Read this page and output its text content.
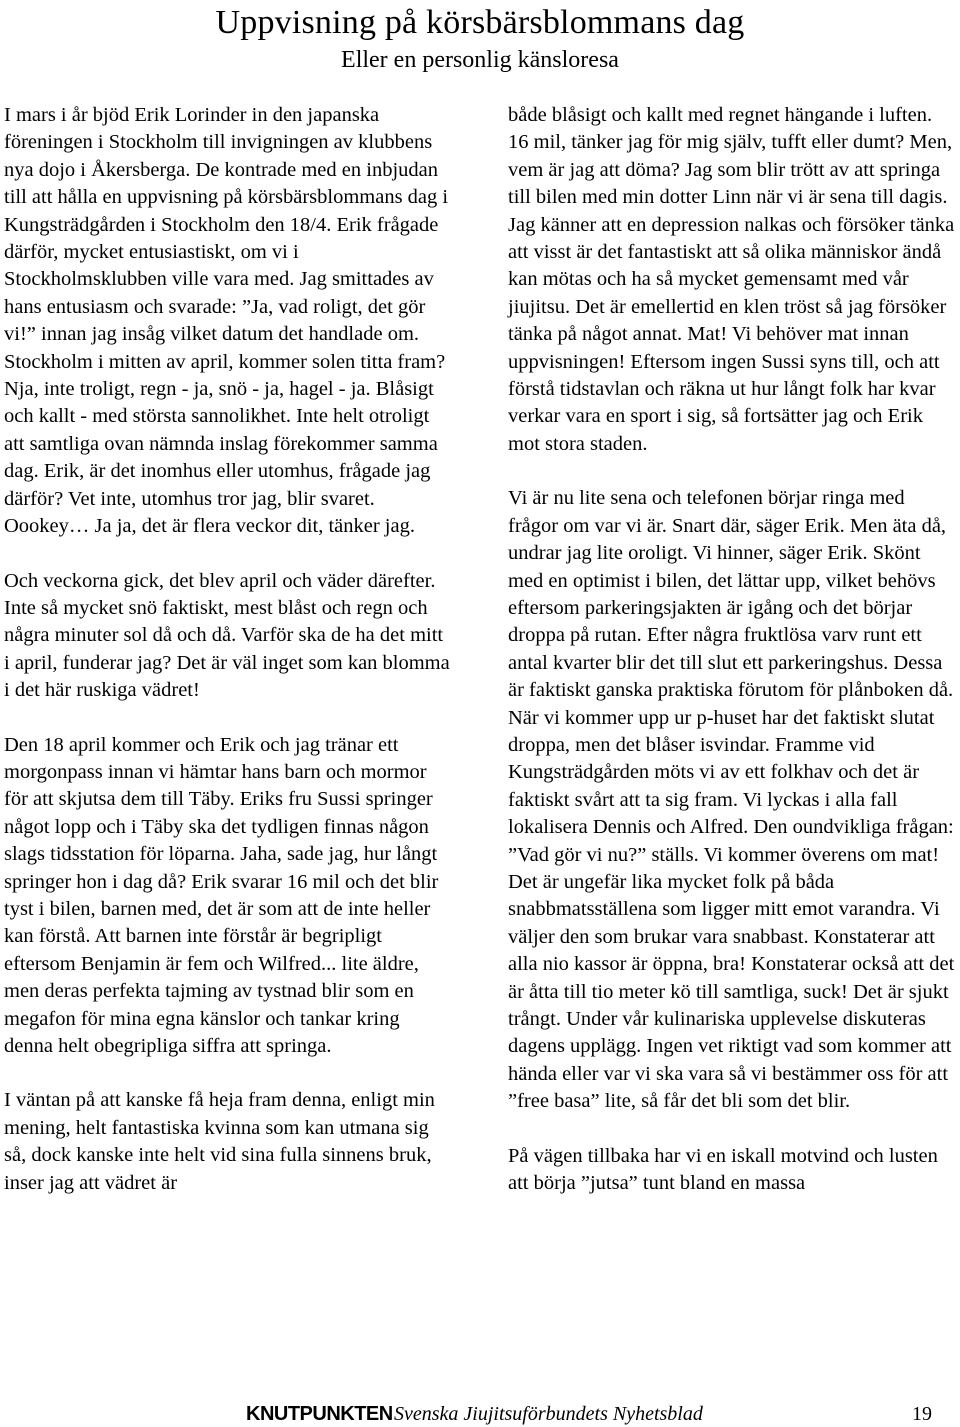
Uppvisning på körsbärsblommans dag
Eller en personlig känsloresa

I mars i år bjöd Erik Lorinder in den japanska föreningen i Stockholm till invigningen av klubbens nya dojo i Åkersberga. De kontrade med en inbjudan till att hålla en uppvisning på körsbärsblommans dag i Kungsträdgården i Stockholm den 18/4. Erik frågade därför, mycket entusiastiskt, om vi i Stockholmsklubben ville vara med. Jag smittades av hans entusiasm och svarade: ”Ja, vad roligt, det gör vi!” innan jag insåg vilket datum det handlade om. Stockholm i mitten av april, kommer solen titta fram? Nja, inte troligt, regn - ja, snö - ja, hagel - ja. Blåsigt och kallt - med största sannolikhet. Inte helt otroligt att samtliga ovan nämnda inslag förekommer samma dag. Erik, är det inomhus eller utomhus, frågade jag därför? Vet inte, utomhus tror jag, blir svaret. Oookey… Ja ja, det är flera veckor dit, tänker jag.

Och veckorna gick, det blev april och väder därefter. Inte så mycket snö faktiskt, mest blåst och regn och några minuter sol då och då. Varför ska de ha det mitt i april, funderar jag? Det är väl inget som kan blomma i det här ruskiga vädret!

Den 18 april kommer och Erik och jag tränar ett morgonpass innan vi hämtar hans barn och mormor för att skjutsa dem till Täby. Eriks fru Sussi springer något lopp och i Täby ska det tydligen finnas någon slags tidsstation för löparna. Jaha, sade jag, hur långt springer hon i dag då? Erik svarar 16 mil och det blir tyst i bilen, barnen med, det är som att de inte heller kan förstå. Att barnen inte förstår är begripligt eftersom Benjamin är fem och Wilfred... lite äldre, men deras perfekta tajming av tystnad blir som en megafon för mina egna känslor och tankar kring denna helt obegripliga siffra att springa.

I väntan på att kanske få heja fram denna, enligt min mening, helt fantastiska kvinna som kan utmana sig så, dock kanske inte helt vid sina fulla sinnens bruk, inser jag att vädret är

både blåsigt och kallt med regnet hängande i luften. 16 mil, tänker jag för mig själv, tufft eller dumt? Men, vem är jag att döma? Jag som blir trött av att springa till bilen med min dotter Linn när vi är sena till dagis. Jag känner att en depression nalkas och försöker tänka att visst är det fantastiskt att så olika människor ändå kan mötas och ha så mycket gemensamt med vår jiujitsu. Det är emellertid en klen tröst så jag försöker tänka på något annat. Mat! Vi behöver mat innan uppvisningen! Eftersom ingen Sussi syns till, och att förstå tidstavlan och räkna ut hur långt folk har kvar verkar vara en sport i sig, så fortsätter jag och Erik mot stora staden.

Vi är nu lite sena och telefonen börjar ringa med frågor om var vi är. Snart där, säger Erik. Men äta då, undrar jag lite oroligt. Vi hinner, säger Erik. Skönt med en optimist i bilen, det lättar upp, vilket behövs eftersom parkeringsjakten är igång och det börjar droppa på rutan. Efter några fruktlösa varv runt ett antal kvarter blir det till slut ett parkeringshus. Dessa är faktiskt ganska praktiska förutom för plånboken då. När vi kommer upp ur p-huset har det faktiskt slutat droppa, men det blåser isvindar. Framme vid Kungsträdgården möts vi av ett folkhav och det är faktiskt svårt att ta sig fram. Vi lyckas i alla fall lokalisera Dennis och Alfred. Den oundvikliga frågan: ”Vad gör vi nu?” ställs. Vi kommer överens om mat! Det är ungefär lika mycket folk på båda snabbmatsställena som ligger mitt emot varandra. Vi väljer den som brukar vara snabbast. Konstaterar att alla nio kassor är öppna, bra! Konstaterar också att det är åtta till tio meter kö till samtliga, suck! Det är sjukt trångt. Under vår kulinariska upplevelse diskuteras dagens upplägg. Ingen vet riktigt vad som kommer att hända eller var vi ska vara så vi bestämmer oss för att ”free basa” lite, så får det bli som det blir.

På vägen tillbaka har vi en iskall motvind och lusten att börja ”jutsa” tunt bland en massa

KNUTPUNKTEN Svenska Jiujitsuförbundets Nyhetsblad	19
